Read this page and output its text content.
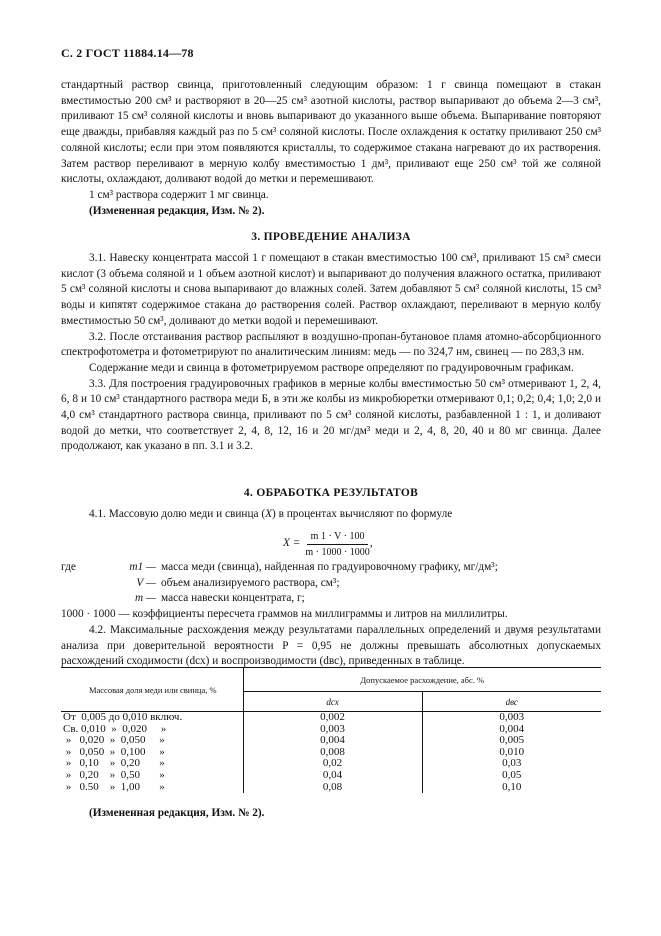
С. 2 ГОСТ 11884.14—78

стандартный раствор свинца, приготовленный следующим образом: 1 г свинца помещают в стакан вместимостью 200 см³ и растворяют в 20—25 см³ азотной кислоты, раствор выпаривают до объема 2—3 см³, приливают 15 см³ соляной кислоты и вновь выпаривают до указанного выше объема. Выпаривание повторяют еще дважды, прибавляя каждый раз по 5 см³ соляной кислоты. После охлаждения к остатку приливают 250 см³ соляной кислоты; если при этом появляются кристаллы, то содержимое стакана нагревают до их растворения. Затем раствор переливают в мерную колбу вместимостью 1 дм³, приливают еще 250 см³ той же соляной кислоты, охлаждают, доливают водой до метки и перемешивают.

1 см³ раствора содержит 1 мг свинца.

(Измененная редакция, Изм. № 2).

3. ПРОВЕДЕНИЕ АНАЛИЗА

3.1. Навеску концентрата массой 1 г помещают в стакан вместимостью 100 см³, приливают 15 см³ смеси кислот (3 объема соляной и 1 объем азотной кислот) и выпаривают до получения влажного остатка, приливают 5 см³ соляной кислоты и снова выпаривают до влажных солей. Затем добавляют 5 см³ соляной кислоты, 15 см³ воды и кипятят содержимое стакана до растворения солей. Раствор охлаждают, переливают в мерную колбу вместимостью 50 см³, доливают до метки водой и перемешивают.

3.2. После отстаивания раствор распыляют в воздушно-пропан-бутановое пламя атомно-абсорбционного спектрофотометра и фотометрируют по аналитическим линиям: медь — по 324,7 нм, свинец — по 283,3 нм.

Содержание меди и свинца в фотометрируемом растворе определяют по градуировочным графикам.

3.3. Для построения градуировочных графиков в мерные колбы вместимостью 50 см³ отмеривают 1, 2, 4, 6, 8 и 10 см³ стандартного раствора меди Б, в эти же колбы из микробюретки отмеривают 0,1; 0,2; 0,4; 1,0; 2,0 и 4,0 см³ стандартного раствора свинца, приливают по 5 см³ соляной кислоты, разбавленной 1 : 1, и доливают водой до метки, что соответствует 2, 4, 8, 12, 16 и 20 мг/дм³ меди и 2, 4, 8, 20, 40 и 80 мг свинца. Далее продолжают, как указано в пп. 3.1 и 3.2.

4. ОБРАБОТКА РЕЗУЛЬТАТОВ

4.1. Массовую долю меди и свинца (X) в процентах вычисляют по формуле

$X = \frac{m 1 \cdot V \cdot 100}{m \cdot 1000 \cdot 1000}$ ,
где	m1 — масса меди (свинца), найденная по градуировочному графику, мг/дм³;
V — объем анализируемого раствора, см³;
m — масса навески концентрата, г;
1000 · 1000 — коэффициенты пересчета граммов на миллиграммы и литров на миллилитры.

4.2. Максимальные расхождения между результатами параллельных определений и двумя результатами анализа при доверительной вероятности P = 0,95 не должны превышать абсолютных допускаемых расхождений сходимости (dсх) и воспроизводимости (dвс), приведенных в таблице.

Массовая доля меди или свинца, %	Допускаемое расхождение, абс. %	
	dсх	dвс
От  0,005 до 0,010 включ.	0,002	0,003
Св. 0,010  »  0,020     »	0,003	0,004
»   0,020  »  0,050     »	0,004	0,005
»   0,050  »  0,100     »	0,008	0,010
»   0,10    »  0,20       »	0,02	0,03
»   0,20    »  0,50       »	0,04	0,05
»   0.50    »  1,00       »	0,08	0,10

(Измененная редакция, Изм. № 2).
